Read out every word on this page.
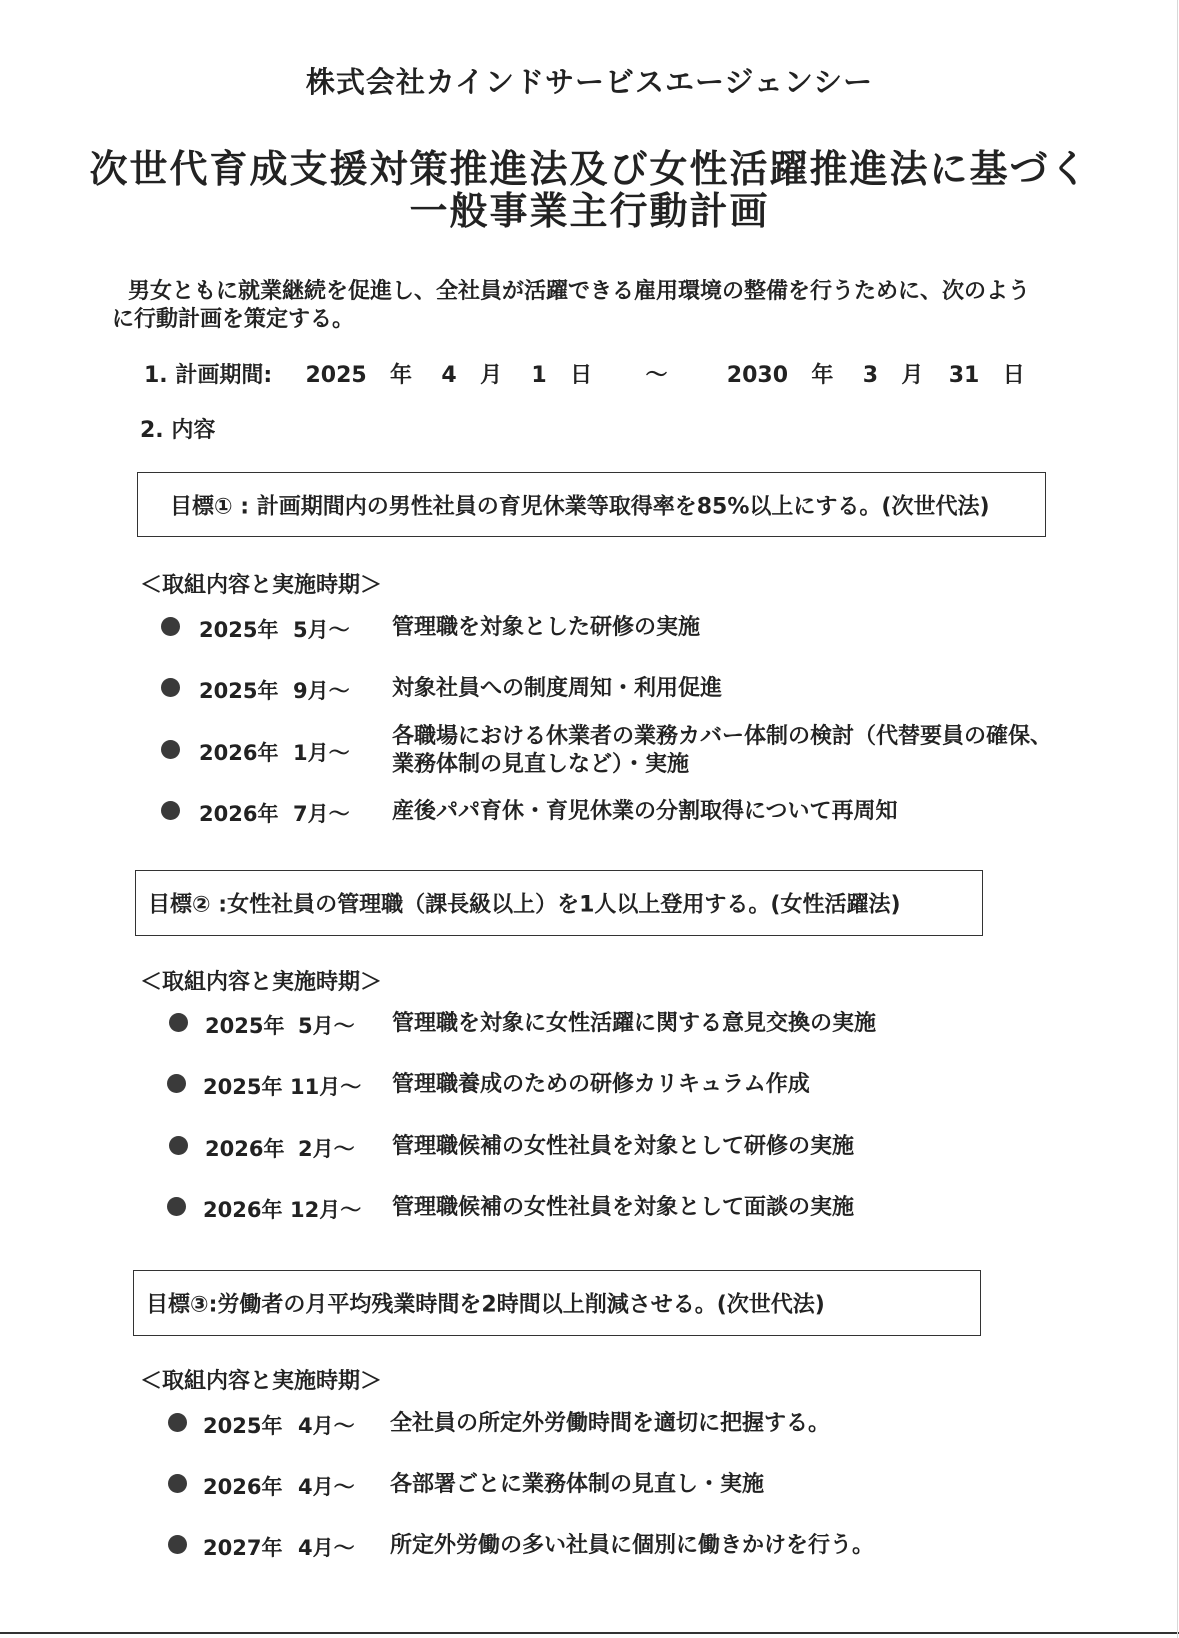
株式会社カインドサービスエージェンシー
次世代育成支援対策推進法及び女性活躍推進法に基づく
一般事業主行動計画
男女ともに就業継続を促進し、全社員が活躍できる雇用環境の整備を行うために、次のよう
に行動計画を策定する。
1. 計画期間: 2025 年 4 月 1 日 ～	2030 年 3 月 31 日
2. 内容
目標① : 計画期間内の男性社員の育児休業等取得率を85%以上にする。(次世代法)
＜取組内容と実施時期＞
2025年 5月～ 管理職を対象とした研修の実施
2025年 9月～ 対象社員への制度周知・利用促進
2026年 1月～
各職場における休業者の業務カバー体制の検討（代替要員の確保、
業務体制の見直しなど）・実施
2026年 7月～ 産後パパ育休・育児休業の分割取得について再周知
目標② :女性社員の管理職（課長級以上）を1人以上登用する。(女性活躍法)
＜取組内容と実施時期＞
2025年 5月～ 管理職を対象に女性活躍に関する意見交換の実施
2025年 11月～ 管理職養成のための研修カリキュラム作成
2026年 2月～ 管理職候補の女性社員を対象として研修の実施
2026年 12月～ 管理職候補の女性社員を対象として面談の実施
目標③:労働者の月平均残業時間を2時間以上削減させる。(次世代法)
＜取組内容と実施時期＞
2025年 4月～ 全社員の所定外労働時間を適切に把握する。
2026年 4月～ 各部署ごとに業務体制の見直し・実施
2027年 4月～ 所定外労働の多い社員に個別に働きかけを行う。
